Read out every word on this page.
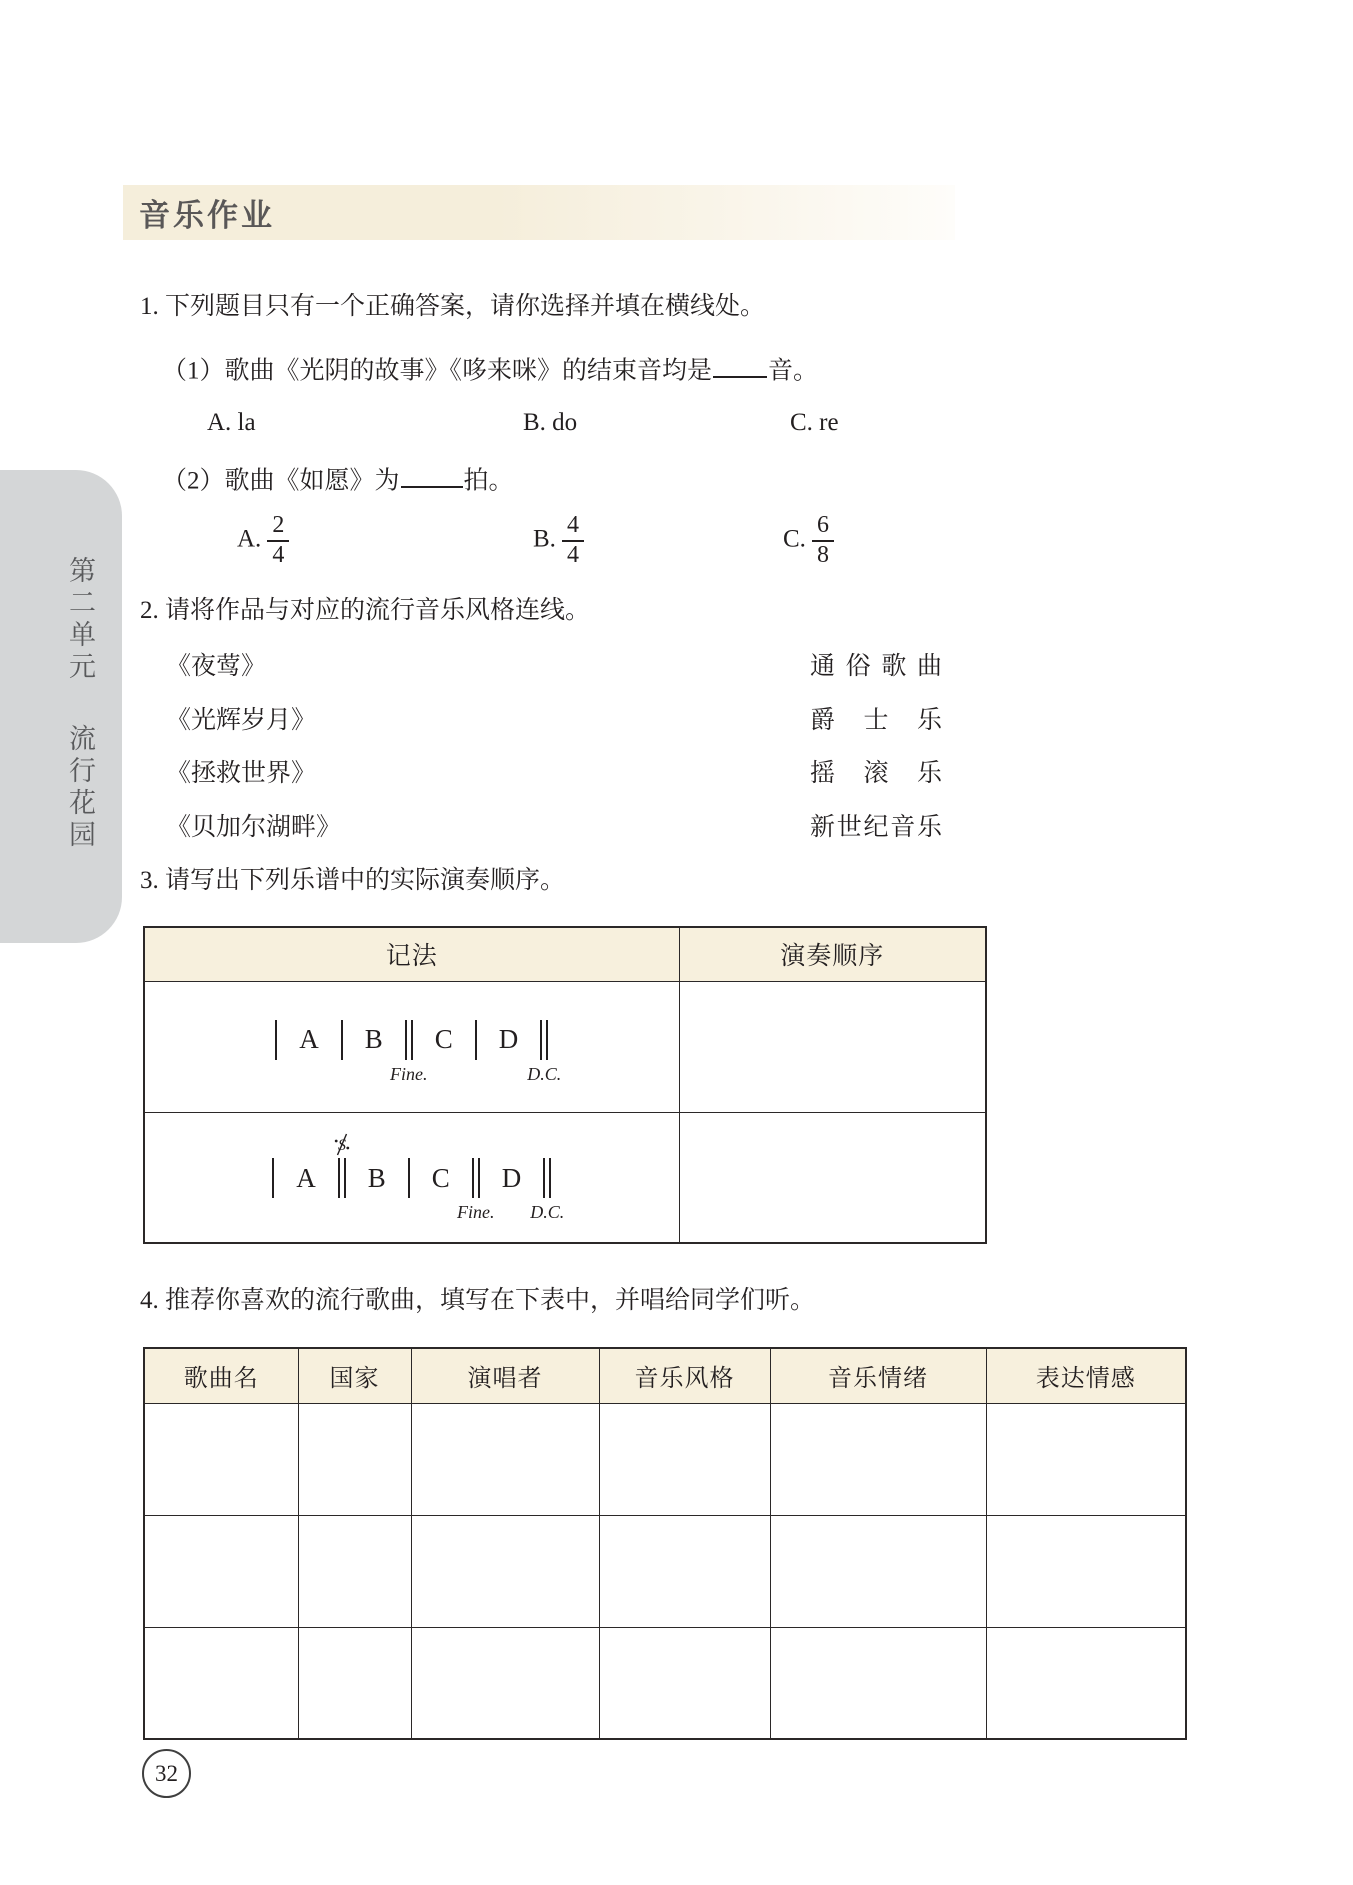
音乐作业
第二单元
流行花园
1. 下列题目只有一个正确答案，请你选择并填在横线处。
（1）歌曲《光阴的故事》《哆来咪》的结束音均是 音。
A. la	B. do	C. re
（2）歌曲《如愿》为	拍。
A. $\frac{2}{4}$	B. $\frac{4}{4}$	C. $\frac{6}{8}$
2. 请将作品与对应的流行音乐风格连线。
《夜莺》	通俗歌曲
《光辉岁月》	爵士乐
《拯救世界》	摇滚乐
《贝加尔湖畔》	新世纪音乐
3. 请写出下列乐谱中的实际演奏顺序。
记法	演奏顺序

A B
Fine.
C D
D.C.

A
S
B C
Fine.
D
D.C.

4. 推荐你喜欢的流行歌曲，填写在下表中，并唱给同学们听。
歌曲名	国家	演唱者	音乐风格	音乐情绪	表达情感

32
